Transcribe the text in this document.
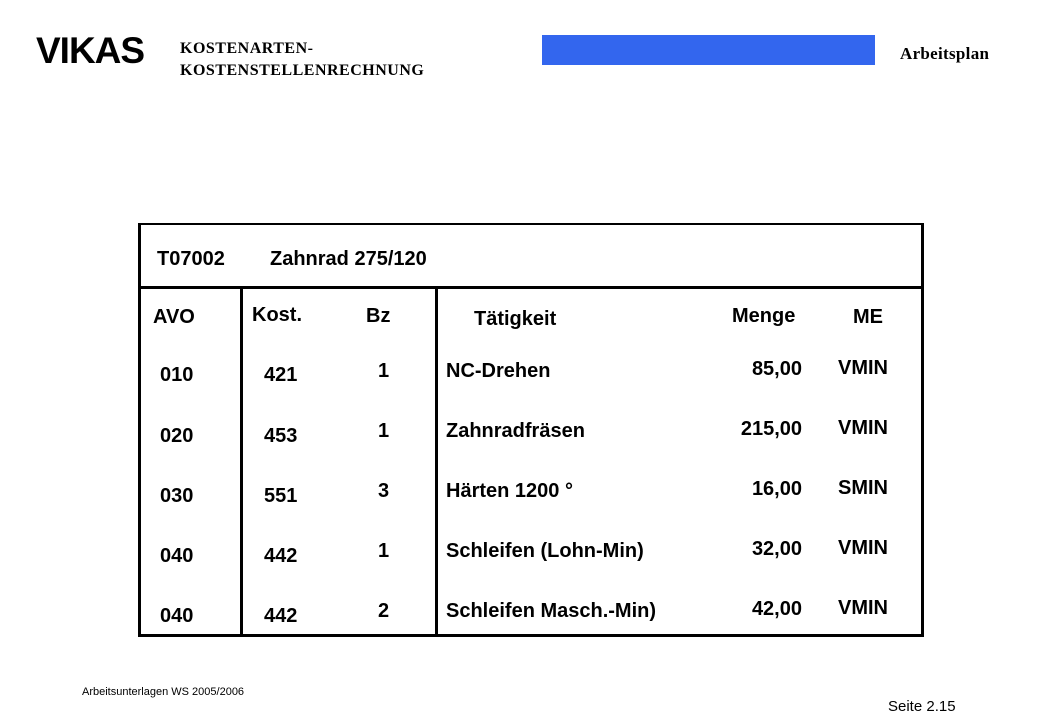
VIKAS KOSTENARTEN-
KOSTENSTELLENRECHNUNG
Arbeitsplan
T07002 Zahnrad 275/120
AVO	Kost.	Bz	Tätigkeit	Menge	ME
010	421	1	NC-Drehen	85,00 VMIN
020	453	1	Zahnradfräsen	215,00 VMIN
030	551	3	Härten 1200 °	16,00 SMIN
040	442	1	Schleifen (Lohn-Min)	32,00 VMIN
040	442	2	Schleifen Masch.-Min)	42,00 VMIN
Arbeitsunterlagen WS 2005/2006
Seite 2.15
